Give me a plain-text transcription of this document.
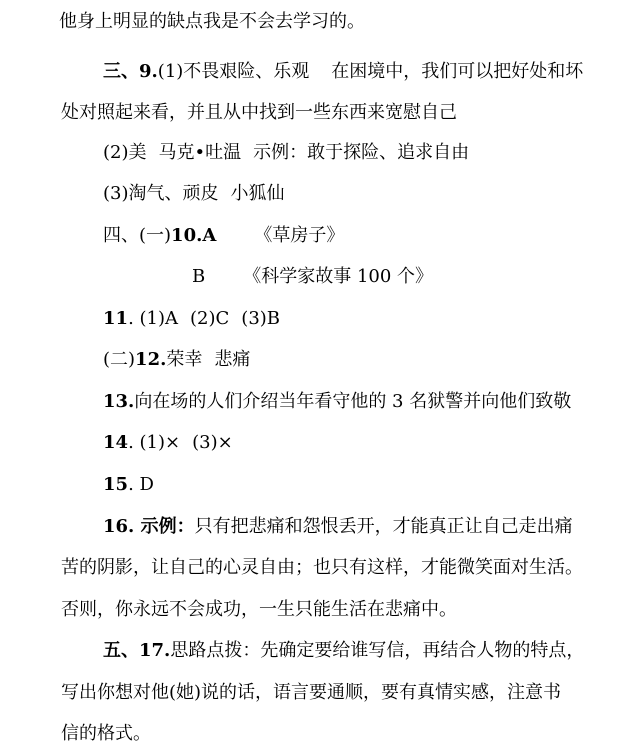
他身上明显的缺点我是不会去学习的。
三、9.(1)不畏艰险、乐观 在困境中，我们可以把好处和坏
处对照起来看，并且从中找到一些东西来宽慰自己
(2)美 马克•吐温 示例：敢于探险、追求自由
(3)淘气、顽皮 小狐仙
四、(一)10.A 《草房子》
B 《科学家故事 100 个》
11. (1)A (2)C (3)B
(二)12.荣幸 悲痛
13.向在场的人们介绍当年看守他的 3 名狱警并向他们致敬
14. (1)× (3)×
15. D
16. 示例：只有把悲痛和怨恨丢开，才能真正让自己走出痛
苦的阴影，让自己的心灵自由；也只有这样，才能微笑面对生活。
否则，你永远不会成功，一生只能生活在悲痛中。
五、17.思路点拨：先确定要给谁写信，再结合人物的特点，
写出你想对他(她)说的话，语言要通顺，要有真情实感，注意书
信的格式。
